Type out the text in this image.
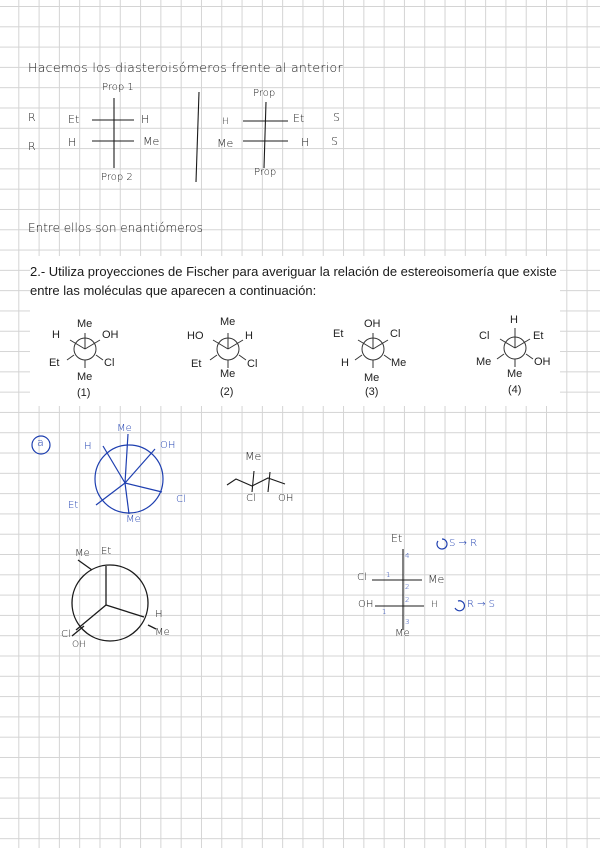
Hacemos los diasteroisómeros frente al anterior
Prop 1
Prop 2
R	Et	H
R	H	Me
Prop
Prop
H	Et	S
Me	H S
Entre ellos son enantiómeros

2.- Utiliza proyecciones de Fischer para averiguar la relación de estereoisomería que existe entre las moléculas que aparecen a continuación:

Me
H	OH
Et	Cl
Me
(1)
Me
HO	H
Et	Cl
Me
(2)
OH
Et	Cl
H	Me
Me
(3)
H
Cl	Et
Me	OH
Me
(4)
a
Me
H	OH
Et
Me
Cl
Me
Cl OH
Me Et
H
Me
Cl
OH
Et
Me
Cl	Me
OH	H
4
1
2
1
2
3
S → R
R → S
